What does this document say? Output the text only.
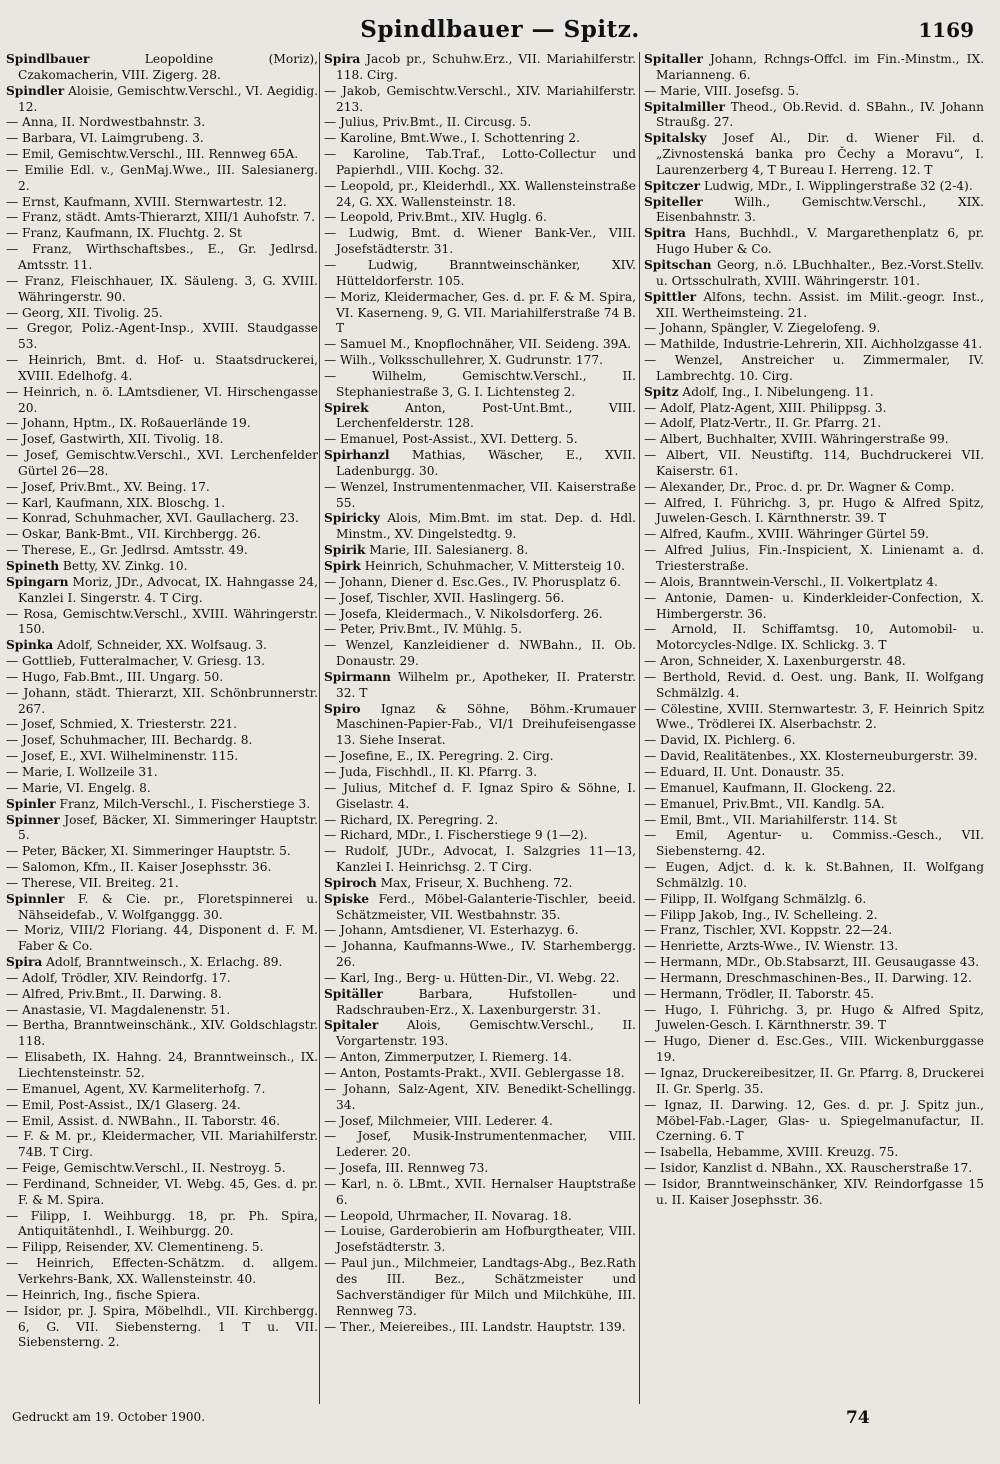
Spindlbauer — Spitz.	1169

Spindlbauer Leopoldine (Moriz), Czakomacherin, VIII. Zigerg. 28.

Spindler Aloisie, Gemischtw.Verschl., VI. Aegidig. 12.

— Anna, II. Nordwestbahnstr. 3.

— Barbara, VI. Laimgrubeng. 3.

— Emil, Gemischtw.Verschl., III. Rennweg 65A.

— Emilie Edl. v., GenMaj.Wwe., III. Salesianerg. 2.

— Ernst, Kaufmann, XVIII. Sternwartestr. 12.

— Franz, städt. Amts-Thierarzt, XIII/1 Auhofstr. 7.

— Franz, Kaufmann, IX. Fluchtg. 2. St

— Franz, Wirthschaftsbes., E., Gr. Jedlrsd. Amtsstr. 11.

— Franz, Fleischhauer, IX. Säuleng. 3, G. XVIII. Währingerstr. 90.

— Georg, XII. Tivolig. 25.

— Gregor, Poliz.-Agent-Insp., XVIII. Staudgasse 53.

— Heinrich, Bmt. d. Hof- u. Staatsdruckerei, XVIII. Edelhofg. 4.

— Heinrich, n. ö. LAmtsdiener, VI. Hirschengasse 20.

— Johann, Hptm., IX. Roßauerlände 19.

— Josef, Gastwirth, XII. Tivolig. 18.

— Josef, Gemischtw.Verschl., XVI. Lerchenfelder Gürtel 26—28.

— Josef, Priv.Bmt., XV. Being. 17.

— Karl, Kaufmann, XIX. Bloschg. 1.

— Konrad, Schuhmacher, XVI. Gaullacherg. 23.

— Oskar, Bank-Bmt., VII. Kirchbergg. 26.

— Therese, E., Gr. Jedlrsd. Amtsstr. 49.

Spineth Betty, XV. Zinkg. 10.

Spingarn Moriz, JDr., Advocat, IX. Hahngasse 24, Kanzlei I. Singerstr. 4. T Cirg.

— Rosa, Gemischtw.Verschl., XVIII. Währingerstr. 150.

Spinka Adolf, Schneider, XX. Wolfsaug. 3.

— Gottlieb, Futteralmacher, V. Griesg. 13.

— Hugo, Fab.Bmt., III. Ungarg. 50.

— Johann, städt. Thierarzt, XII. Schönbrunnerstr. 267.

— Josef, Schmied, X. Triesterstr. 221.

— Josef, Schuhmacher, III. Bechardg. 8.

— Josef, E., XVI. Wilhelminenstr. 115.

— Marie, I. Wollzeile 31.

— Marie, VI. Engelg. 8.

Spinler Franz, Milch-Verschl., I. Fischerstiege 3.

Spinner Josef, Bäcker, XI. Simmeringer Hauptstr. 5.

— Peter, Bäcker, XI. Simmeringer Hauptstr. 5.

— Salomon, Kfm., II. Kaiser Josephsstr. 36.

— Therese, VII. Breiteg. 21.

Spinnler F. & Cie. pr., Floretspinnerei u. Nähseidefab., V. Wolfganggg. 30.

— Moriz, VIII/2 Floriang. 44, Disponent d. F. M. Faber & Co.

Spira Adolf, Branntweinsch., X. Erlachg. 89.

— Adolf, Trödler, XIV. Reindorfg. 17.

— Alfred, Priv.Bmt., II. Darwing. 8.

— Anastasie, VI. Magdalenenstr. 51.

— Bertha, Branntweinschänk., XIV. Goldschlagstr. 118.

— Elisabeth, IX. Hahng. 24, Branntweinsch., IX. Liechtensteinstr. 52.

— Emanuel, Agent, XV. Karmeliterhofg. 7.

— Emil, Post-Assist., IX/1 Glaserg. 24.

— Emil, Assist. d. NWBahn., II. Taborstr. 46.

— F. & M. pr., Kleidermacher, VII. Mariahilferstr. 74B. T Cirg.

— Feige, Gemischtw.Verschl., II. Nestroyg. 5.

— Ferdinand, Schneider, VI. Webg. 45, Ges. d. pr. F. & M. Spira.

— Filipp, I. Weihburgg. 18, pr. Ph. Spira, Antiquitätenhdl., I. Weihburgg. 20.

— Filipp, Reisender, XV. Clementineng. 5.

— Heinrich, Effecten-Schätzm. d. allgem. Verkehrs-Bank, XX. Wallensteinstr. 40.

— Heinrich, Ing., fische Spiera.

— Isidor, pr. J. Spira, Möbelhdl., VII. Kirchbergg. 6, G. VII. Siebensterng. 1 T u. VII. Siebensterng. 2.

Spira Jacob pr., Schuhw.Erz., VII. Mariahilferstr. 118. Cirg.

— Jakob, Gemischtw.Verschl., XIV. Mariahilferstr. 213.

— Julius, Priv.Bmt., II. Circusg. 5.

— Karoline, Bmt.Wwe., I. Schottenring 2.

— Karoline, Tab.Traf., Lotto-Collectur und Papierhdl., VIII. Kochg. 32.

— Leopold, pr., Kleiderhdl., XX. Wallensteinstraße 24, G. XX. Wallensteinstr. 18.

— Leopold, Priv.Bmt., XIV. Huglg. 6.

— Ludwig, Bmt. d. Wiener Bank-Ver., VIII. Josefstädterstr. 31.

— Ludwig, Branntweinschänker, XIV. Hütteldorferstr. 105.

— Moriz, Kleidermacher, Ges. d. pr. F. & M. Spira, VI. Kaserneng. 9, G. VII. Mariahilferstraße 74 B. T

— Samuel M., Knopflochnäher, VII. Seideng. 39A.

— Wilh., Volksschullehrer, X. Gudrunstr. 177.

— Wilhelm, Gemischtw.Verschl., II. Stephaniestraße 3, G. I. Lichtensteg 2.

Spirek Anton, Post-Unt.Bmt., VIII. Lerchenfelderstr. 128.

— Emanuel, Post-Assist., XVI. Detterg. 5.

Spirhanzl Mathias, Wäscher, E., XVII. Ladenburgg. 30.

— Wenzel, Instrumentenmacher, VII. Kaiserstraße 55.

Spiricky Alois, Mim.Bmt. im stat. Dep. d. Hdl. Minstm., XV. Dingelstedtg. 9.

Spirik Marie, III. Salesianerg. 8.

Spirk Heinrich, Schuhmacher, V. Mittersteig 10.

— Johann, Diener d. Esc.Ges., IV. Phorusplatz 6.

— Josef, Tischler, XVII. Haslingerg. 56.

— Josefa, Kleidermach., V. Nikolsdorferg. 26.

— Peter, Priv.Bmt., IV. Mühlg. 5.

— Wenzel, Kanzleidiener d. NWBahn., II. Ob. Donaustr. 29.

Spirmann Wilhelm pr., Apotheker, II. Praterstr. 32. T

Spiro Ignaz & Söhne, Böhm.-Krumauer Maschinen-Papier-Fab., VI/1 Dreihufeisengasse 13. Siehe Inserat.

— Josefine, E., IX. Peregring. 2. Cirg.

— Juda, Fischhdl., II. Kl. Pfarrg. 3.

— Julius, Mitchef d. F. Ignaz Spiro & Söhne, I. Giselastr. 4.

— Richard, IX. Peregring. 2.

— Richard, MDr., I. Fischerstiege 9 (1—2).

— Rudolf, JUDr., Advocat, I. Salzgries 11—13, Kanzlei I. Heinrichsg. 2. T Cirg.

Spiroch Max, Friseur, X. Buchheng. 72.

Spiske Ferd., Möbel-Galanterie-Tischler, beeid. Schätzmeister, VII. Westbahnstr. 35.

— Johann, Amtsdiener, VI. Esterhazyg. 6.

— Johanna, Kaufmanns-Wwe., IV. Starhembergg. 26.

— Karl, Ing., Berg- u. Hütten-Dir., VI. Webg. 22.

Spitäller Barbara, Hufstollen- und Radschrauben-Erz., X. Laxenburgerstr. 31.

Spitaler Alois, Gemischtw.Verschl., II. Vorgartenstr. 193.

— Anton, Zimmerputzer, I. Riemerg. 14.

— Anton, Postamts-Prakt., XVII. Geblergasse 18.

— Johann, Salz-Agent, XIV. Benedikt-Schellingg. 34.

— Josef, Milchmeier, VIII. Lederer. 4.

— Josef, Musik-Instrumentenmacher, VIII. Lederer. 20.

— Josefa, III. Rennweg 73.

— Karl, n. ö. LBmt., XVII. Hernalser Hauptstraße 6.

— Leopold, Uhrmacher, II. Novarag. 18.

— Louise, Garderobierin am Hofburgtheater, VIII. Josefstädterstr. 3.

— Paul jun., Milchmeier, Landtags-Abg., Bez.Rath des III. Bez., Schätzmeister und Sachverständiger für Milch und Milchkühe, III. Rennweg 73.

— Ther., Meiereibes., III. Landstr. Hauptstr. 139.

Spitaller Johann, Rchngs-Offcl. im Fin.-Minstm., IX. Marianneng. 6.

— Marie, VIII. Josefsg. 5.

Spitalmiller Theod., Ob.Revid. d. SBahn., IV. Johann Straußg. 27.

Spitalsky Josef Al., Dir. d. Wiener Fil. d. „Zivnostenská banka pro Čechy a Moravu“, I. Laurenzerberg 4, T Bureau I. Herreng. 12. T

Spitczer Ludwig, MDr., I. Wipplingerstraße 32 (2-4).

Spiteller Wilh., Gemischtw.Verschl., XIX. Eisenbahnstr. 3.

Spitra Hans, Buchhdl., V. Margarethenplatz 6, pr. Hugo Huber & Co.

Spitschan Georg, n.ö. LBuchhalter., Bez.-Vorst.Stellv. u. Ortsschulrath, XVIII. Währingerstr. 101.

Spittler Alfons, techn. Assist. im Milit.-geogr. Inst., XII. Wertheimsteing. 21.

— Johann, Spängler, V. Ziegelofeng. 9.

— Mathilde, Industrie-Lehrerin, XII. Aichholzgasse 41.

— Wenzel, Anstreicher u. Zimmermaler, IV. Lambrechtg. 10. Cirg.

Spitz Adolf, Ing., I. Nibelungeng. 11.

— Adolf, Platz-Agent, XIII. Philippsg. 3.

— Adolf, Platz-Vertr., II. Gr. Pfarrg. 21.

— Albert, Buchhalter, XVIII. Währingerstraße 99.

— Albert, VII. Neustiftg. 114, Buchdruckerei VII. Kaiserstr. 61.

— Alexander, Dr., Proc. d. pr. Dr. Wagner & Comp.

— Alfred, I. Führichg. 3, pr. Hugo & Alfred Spitz, Juwelen-Gesch. I. Kärnthnerstr. 39. T

— Alfred, Kaufm., XVIII. Währinger Gürtel 59.

— Alfred Julius, Fin.-Inspicient, X. Linienamt a. d. Triesterstraße.

— Alois, Branntwein-Verschl., II. Volkertplatz 4.

— Antonie, Damen- u. Kinderkleider-Confection, X. Himbergerstr. 36.

— Arnold, II. Schiffamtsg. 10, Automobil- u. Motorcycles-Ndlge. IX. Schlickg. 3. T

— Aron, Schneider, X. Laxenburgerstr. 48.

— Berthold, Revid. d. Oest. ung. Bank, II. Wolfgang Schmälzlg. 4.

— Cölestine, XVIII. Sternwartestr. 3, F. Heinrich Spitz Wwe., Trödlerei IX. Alserbachstr. 2.

— David, IX. Pichlerg. 6.

— David, Realitätenbes., XX. Klosterneuburgerstr. 39.

— Eduard, II. Unt. Donaustr. 35.

— Emanuel, Kaufmann, II. Glockeng. 22.

— Emanuel, Priv.Bmt., VII. Kandlg. 5A.

— Emil, Bmt., VII. Mariahilferstr. 114. St

— Emil, Agentur- u. Commiss.-Gesch., VII. Siebensterng. 42.

— Eugen, Adjct. d. k. k. St.Bahnen, II. Wolfgang Schmälzlg. 10.

— Filipp, II. Wolfgang Schmälzlg. 6.

— Filipp Jakob, Ing., IV. Schelleing. 2.

— Franz, Tischler, XVI. Koppstr. 22—24.

— Henriette, Arzts-Wwe., IV. Wienstr. 13.

— Hermann, MDr., Ob.Stabsarzt, III. Geusaugasse 43.

— Hermann, Dreschmaschinen-Bes., II. Darwing. 12.

— Hermann, Trödler, II. Taborstr. 45.

— Hugo, I. Führichg. 3, pr. Hugo & Alfred Spitz, Juwelen-Gesch. I. Kärnthnerstr. 39. T

— Hugo, Diener d. Esc.Ges., VIII. Wickenburggasse 19.

— Ignaz, Druckereibesitzer, II. Gr. Pfarrg. 8, Druckerei II. Gr. Sperlg. 35.

— Ignaz, II. Darwing. 12, Ges. d. pr. J. Spitz jun., Möbel-Fab.-Lager, Glas- u. Spiegelmanufactur, II. Czerning. 6. T

— Isabella, Hebamme, XVIII. Kreuzg. 75.

— Isidor, Kanzlist d. NBahn., XX. Rauscherstraße 17.

— Isidor, Branntweinschänker, XIV. Reindorfgasse 15 u. II. Kaiser Josephsstr. 36.

Gedruckt am 19. October 1900.	74
